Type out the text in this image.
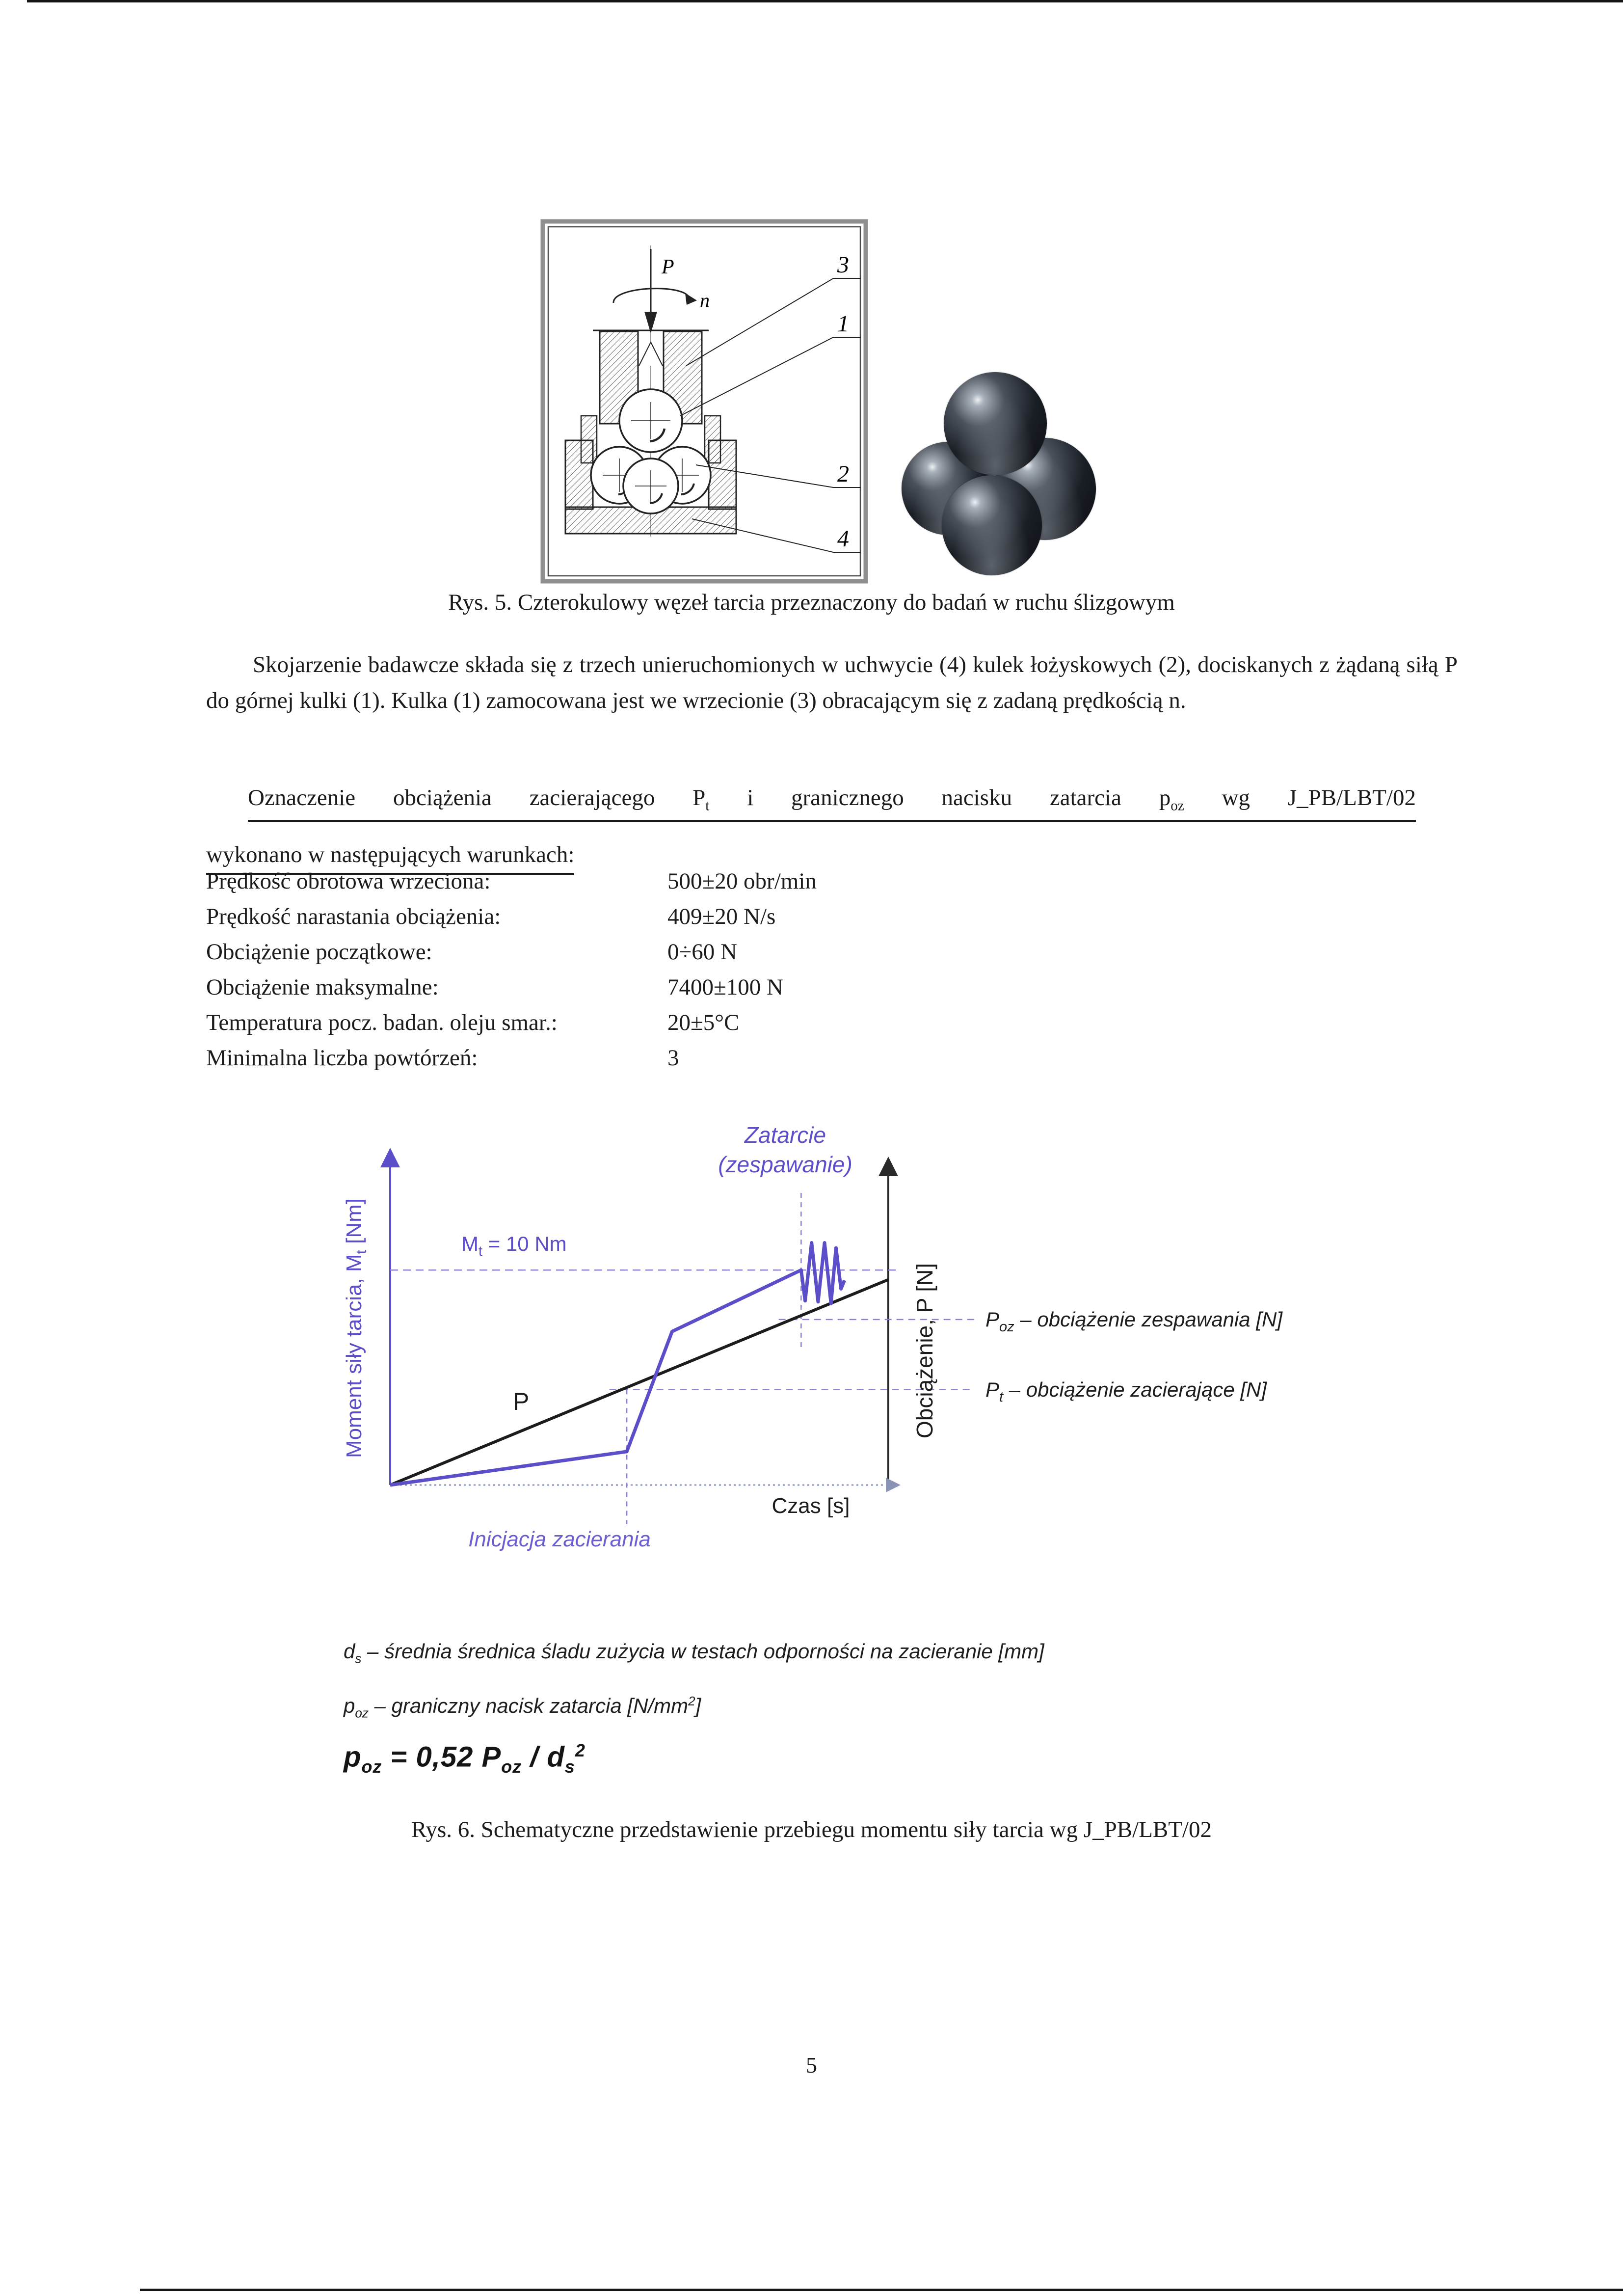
P
n
3
1
2
4
Rys. 5. Czterokulowy węzeł tarcia przeznaczony do badań w ruchu ślizgowym
Skojarzenie badawcze składa się z trzech unieruchomionych w uchwycie (4) kulek łożyskowych (2), dociskanych z żądaną siłą P do górnej kulki (1). Kulka (1) zamocowana jest we wrzecionie (3) obracającym się z zadaną prędkością n.
Oznaczenie obciążenia zacierającego $P_t$ i granicznego nacisku zatarcia $p_{oz}$ wg J_PB/LBT/02
wykonano w następujących warunkach:
Prędkość obrotowa wrzeciona:	500±20 obr/min
Prędkość narastania obciążenia:	409±20 N/s
Obciążenie początkowe:	0÷60 N
Obciążenie maksymalne:	7400±100 N
Temperatura pocz. badan. oleju smar.:	20±5°C
Minimalna liczba powtórzeń:	3
Zatarcie
(zespawanie)
$M_t = 10$ Nm
P
Moment siły tarcia, $M_t$ [Nm]
Obciążenie, P [N] $P_{oz}$ – obciążenie zespawania [N]
$P_t$ – obciążenie zacierające [N]
Czas [s]
Inicjacja zacierania
$d_s$ – średnia średnica śladu zużycia w testach odporności na zacieranie [mm]
$p_{oz}$ – graniczny nacisk zatarcia $[N/mm^2]$
$p_{oz} = 0,52$ $P_{oz} / d_s^2$
Rys. 6. Schematyczne przedstawienie przebiegu momentu siły tarcia wg J_PB/LBT/02
5
